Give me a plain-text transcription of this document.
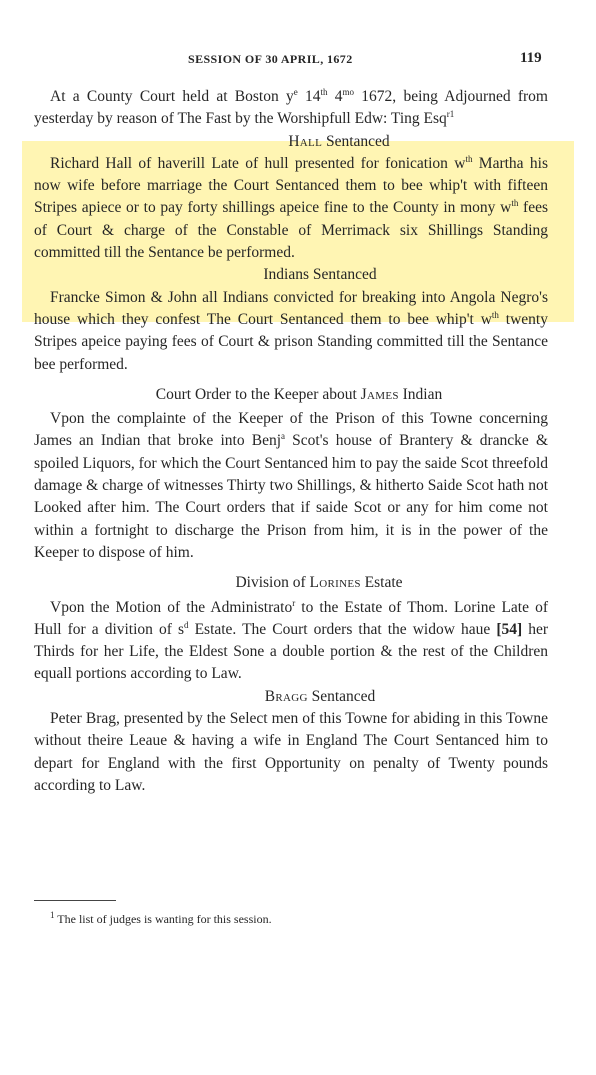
SESSION OF 30 APRIL, 1672	119

At a County Court held at Boston $y^e$ 14th $4^{mo}$ 1672, being Adjourned from yesterday by reason of The Fast by the Worshipfull Edw: Ting Esq$^{r1}$

Hall Sentanced

Richard Hall of haverill Late of hull presented for fonication $w^{th}$ Martha his now wife before marriage the Court Sentanced them to bee whip't with fifteen Stripes apiece or to pay forty shillings apeice fine to the County in mony $w^{th}$ fees of Court & charge of the Constable of Merrimack six Shillings Standing committed till the Sentance be performed.

Indians Sentanced

Francke Simon & John all Indians convicted for breaking into Angola Negro's house which they confest The Court Sentanced them to bee whip't $w^{th}$ twenty Stripes apeice paying fees of Court & prison Standing committed till the Sentance bee performed.

Court Order to the Keeper about James Indian

Vpon the complainte of the Keeper of the Prison of this Towne concerning James an Indian that broke into Benj$^a$ Scot's house of Brantery & drancke & spoiled Liquors, for which the Court Sentanced him to pay the saide Scot threefold damage & charge of witnesses Thirty two Shillings, & hitherto Saide Scot hath not Looked after him. The Court orders that if saide Scot or any for him come not within a fortnight to discharge the Prison from him, it is in the power of the Keeper to dispose of him.

Division of Lorines Estate

Vpon the Motion of the Administrato$^r$ to the Estate of Thom. Lorine Late of Hull for a divition of $s^d$ Estate. The Court orders that the widow haue [54] her Thirds for her Life, the Eldest Sone a double portion & the rest of the Children equall portions according to Law.

Bragg Sentanced

Peter Brag, presented by the Select men of this Towne for abiding in this Towne without theire Leaue & having a wife in England The Court Sentanced him to depart for England with the first Opportunity on penalty of Twenty pounds according to Law.

$^1$ The list of judges is wanting for this session.
